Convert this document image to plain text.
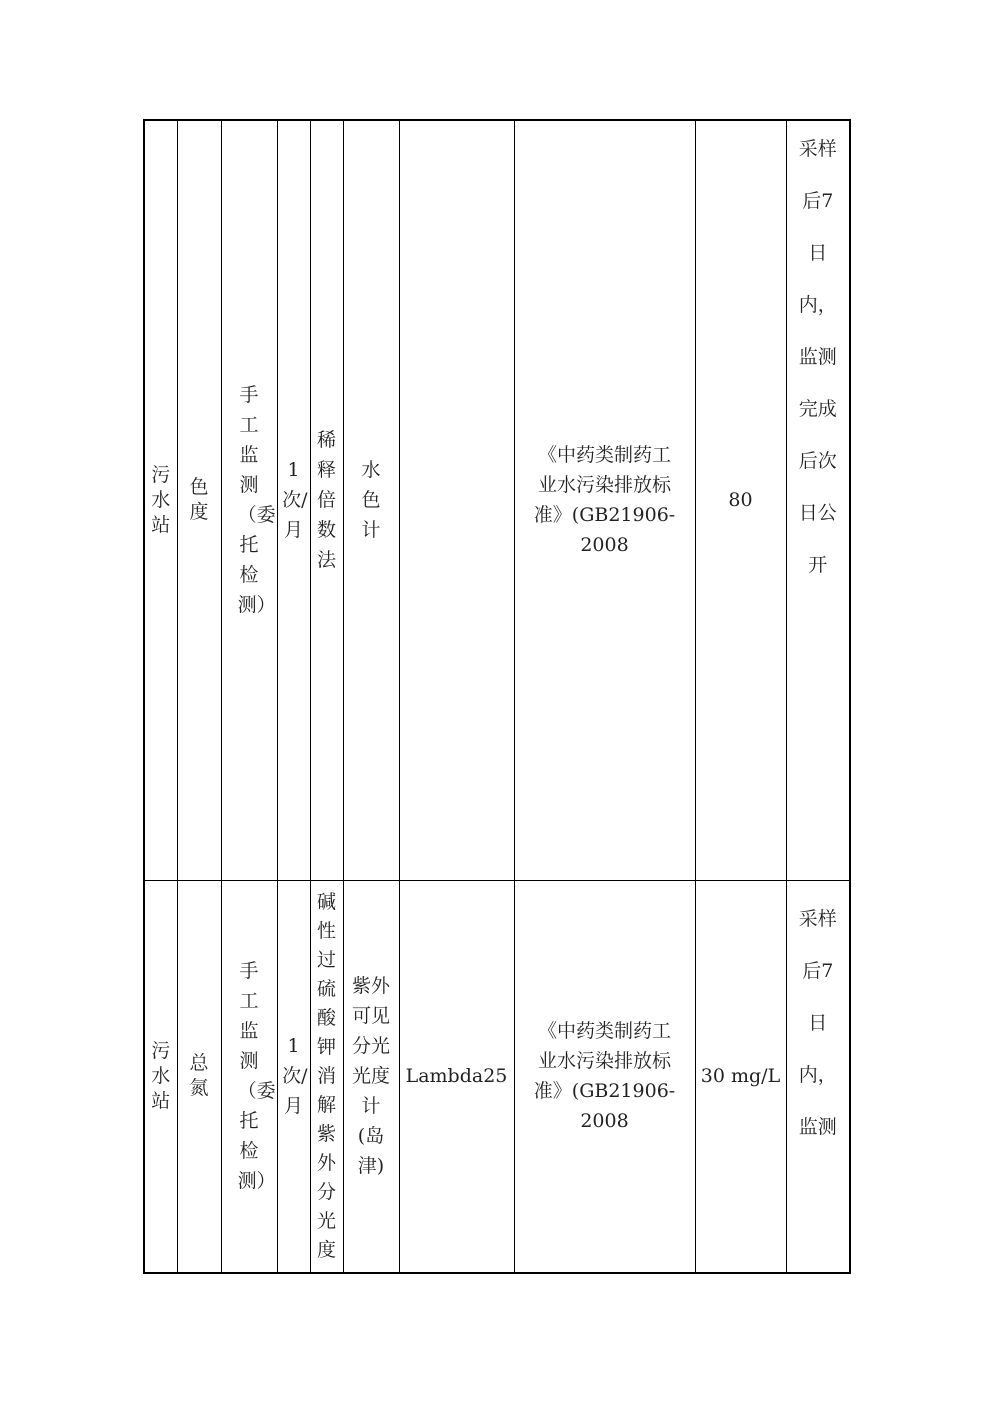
污水站	色度	手工监测（委托检测）	1次/月	稀释倍数法	水色计		《中药类制药工业水污染排放标准》(GB21906-2008	80	采样后7日内，监测完成后次日公开
污水站	总氮	手工监测（委托检测）	1次/月	碱性过硫酸钾消解紫外分光度	紫外可见分光光度计(岛津)	Lambda25	《中药类制药工业水污染排放标准》(GB21906-2008	30 mg/L	采样后7日内，监测
